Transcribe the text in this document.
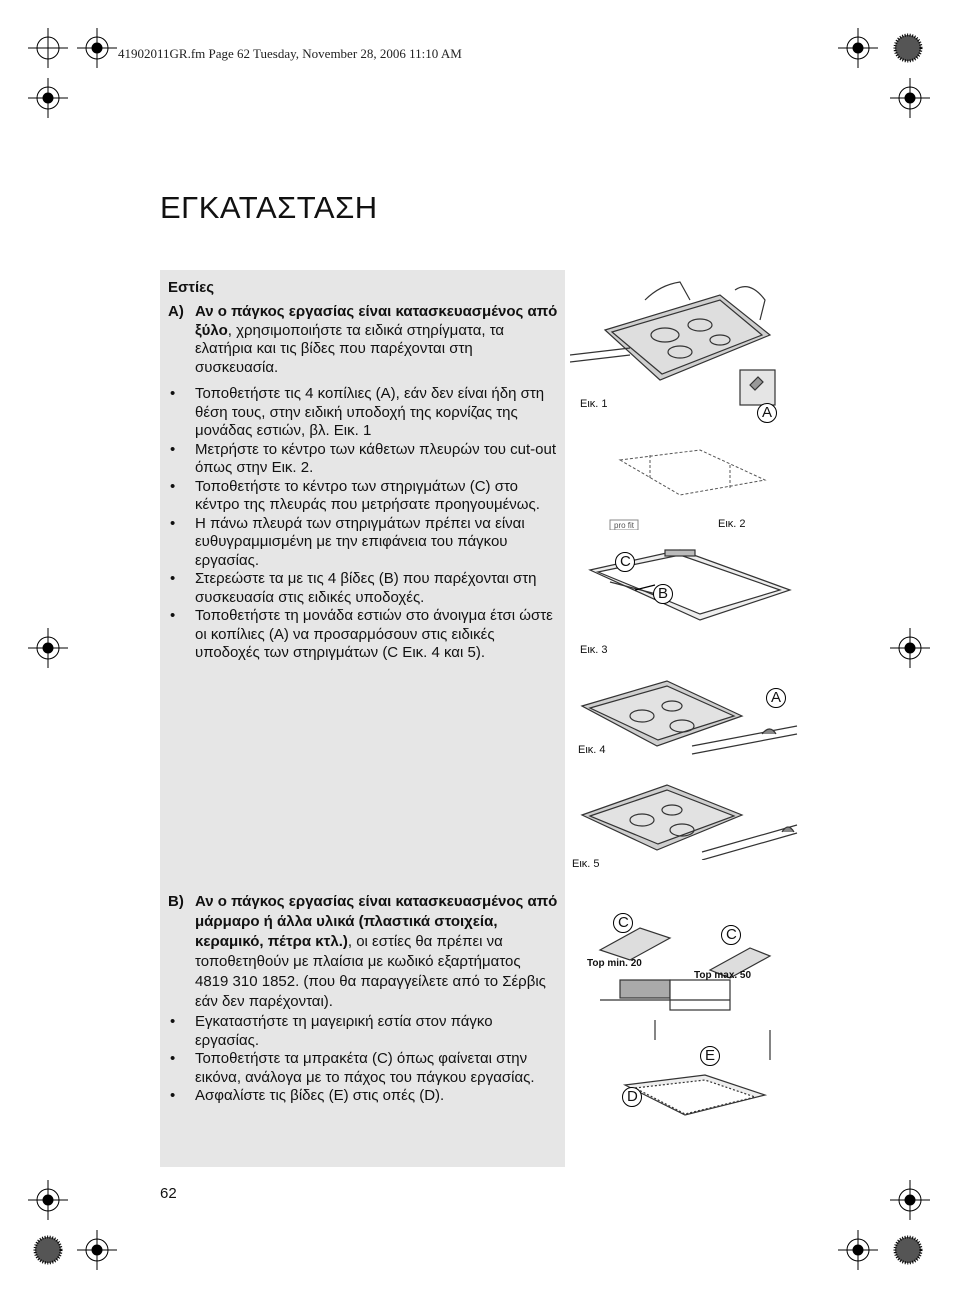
41902011GR.fm Page 62 Tuesday, November 28, 2006 11:10 AM
ΕΓΚΑΤΑΣΤΑΣΗ
Εστίες
A) Αν ο πάγκος εργασίας είναι κατασκευασμένος από ξύλο, χρησιμοποιήστε τα ειδικά στηρίγματα, τα ελατήρια και τις βίδες που παρέχονται στη συσκευασία.
• Τοποθετήστε τις 4 κοπίλιες (A), εάν δεν είναι ήδη στη θέση τους, στην ειδική υποδοχή της κορνίζας της μονάδας εστιών, βλ. Εικ. 1
• Μετρήστε το κέντρο των κάθετων πλευρών του cut-out όπως στην Εικ. 2.
• Τοποθετήστε το κέντρο των στηριγμάτων (C) στο κέντρο της πλευράς που μετρήσατε προηγουμένως.
• Η πάνω πλευρά των στηριγμάτων πρέπει να είναι ευθυγραμμισμένη με την επιφάνεια του πάγκου εργασίας.
• Στερεώστε τα με τις 4 βίδες (B) που παρέχονται στη συσκευασία στις ειδικές υποδοχές.
• Τοποθετήστε τη μονάδα εστιών στο άνοιγμα έτσι ώστε οι κοπίλιες (A) να προσαρμόσουν στις ειδικές υποδοχές των στηριγμάτων (C Εικ. 4 και 5).
B) Αν ο πάγκος εργασίας είναι κατασκευασμένος από μάρμαρο ή άλλα υλικά (πλαστικά στοιχεία, κεραμικό, πέτρα κτλ.), οι εστίες θα πρέπει να τοποθετηθούν με πλαίσια με κωδικό εξαρτήματος 4819 310 1852. (που θα παραγγείλετε από το Σέρβις εάν δεν παρέχονται).
• Εγκαταστήστε τη μαγειρική εστία στον πάγκο εργασίας.
• Τοποθετήστε τα μπρακέτα (C) όπως φαίνεται στην εικόνα, ανάλογα με το πάχος του πάγκου εργασίας.
• Ασφαλίστε τις βίδες (E) στις οπές (D).
62
Εικ. 1	A
pro fit	Εικ. 2
C
B
Εικ. 3
A
Εικ. 4
Εικ. 5
C
C
Top min. 20
Top max. 50
E
D
